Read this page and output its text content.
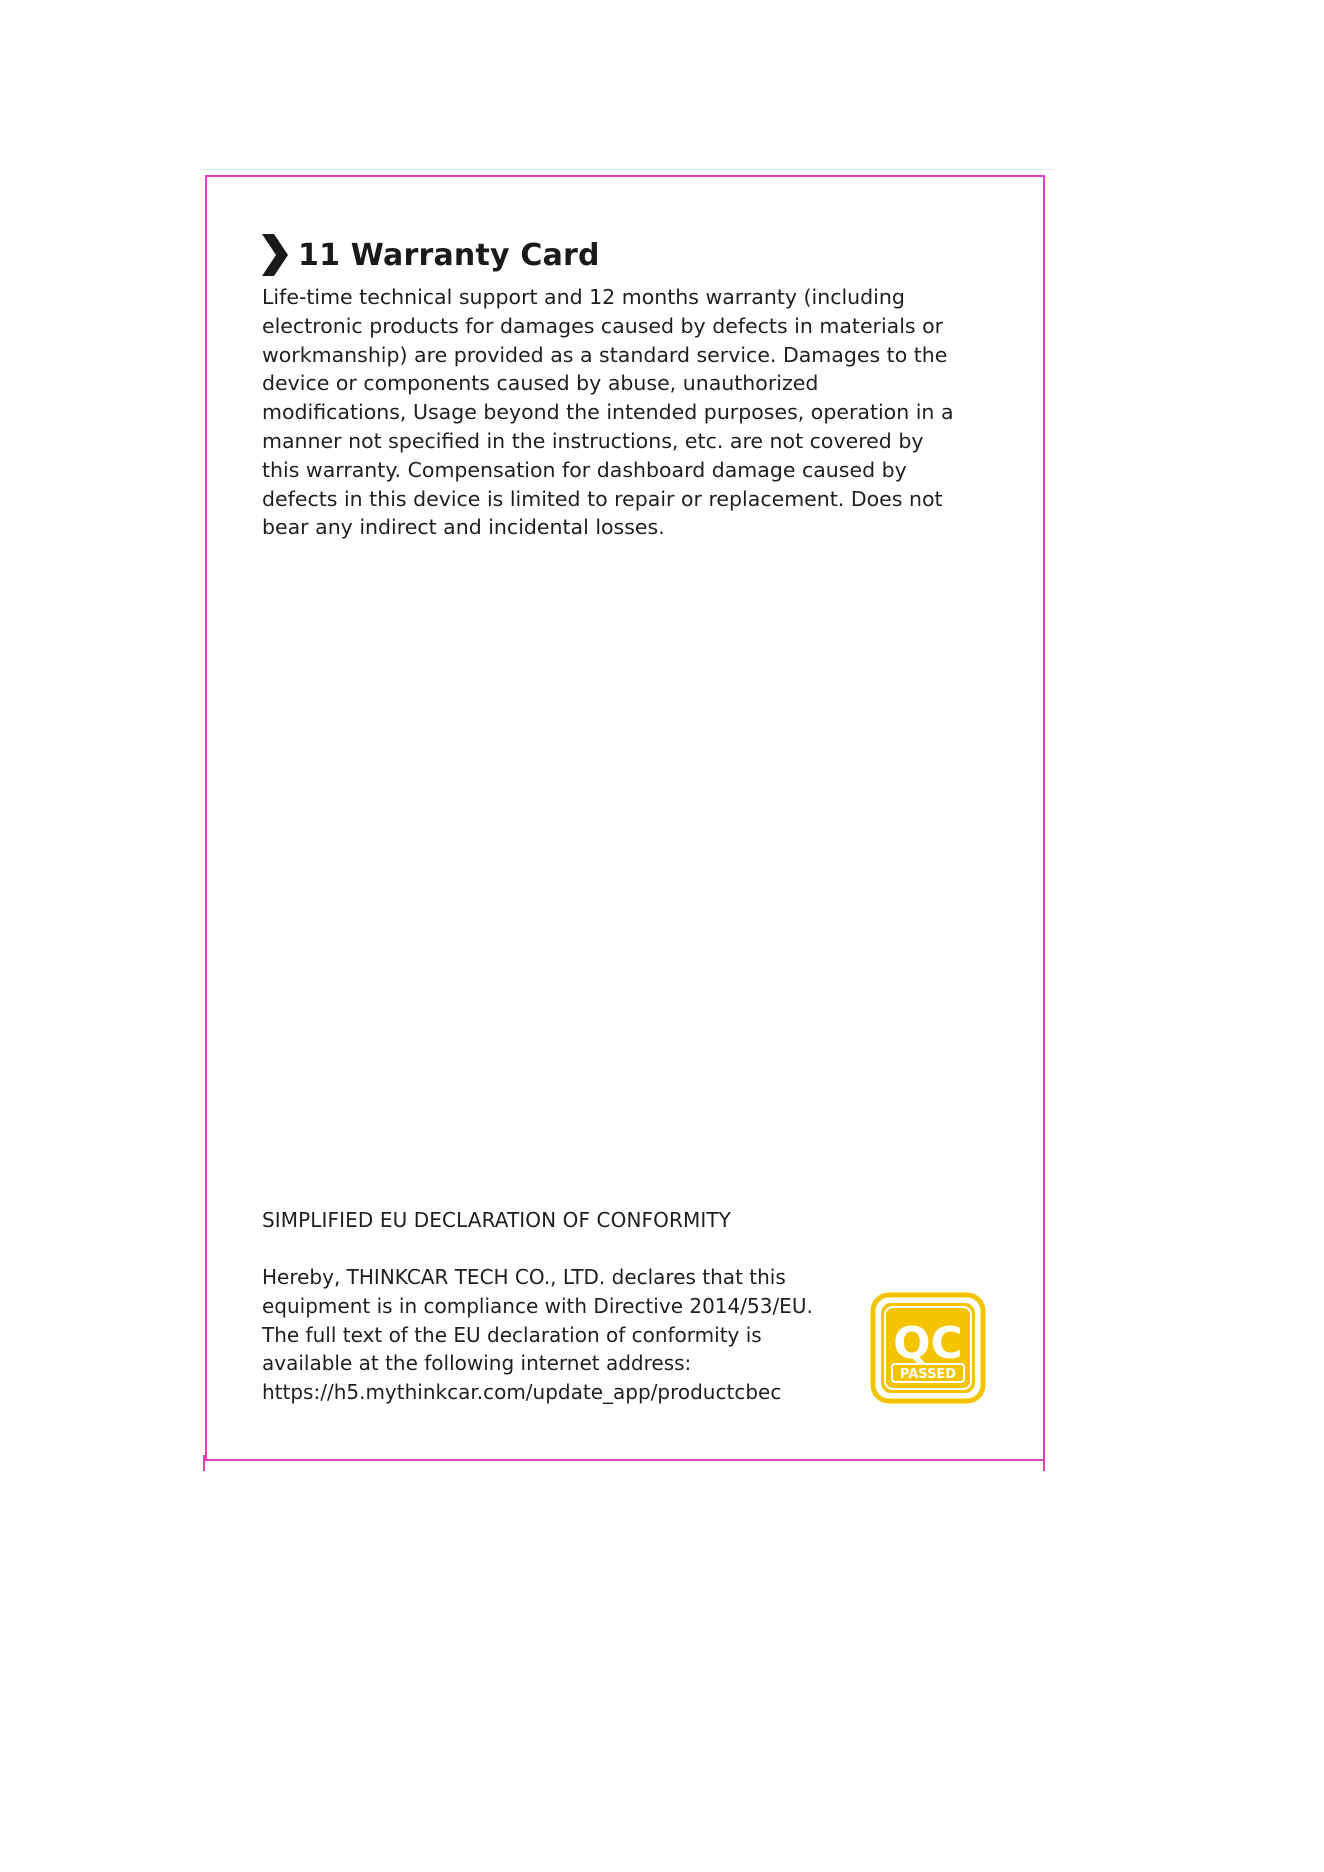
11 Warranty Card

Life-time technical support and 12 months warranty (including
electronic products for damages caused by defects in materials or
workmanship) are provided as a standard service. Damages to the
device or components caused by abuse, unauthorized
modifications, Usage beyond the intended purposes, operation in a
manner not specified in the instructions, etc. are not covered by
this warranty. Compensation for dashboard damage caused by
defects in this device is limited to repair or replacement. Does not
bear any indirect and incidental losses.

SIMPLIFIED EU DECLARATION OF CONFORMITY

Hereby, THINKCAR TECH CO., LTD. declares that this
equipment is in compliance with Directive 2014/53/EU.
The full text of the EU declaration of conformity is
available at the following internet address:
https://h5.mythinkcar.com/update_app/productcbec

QC
PASSED
